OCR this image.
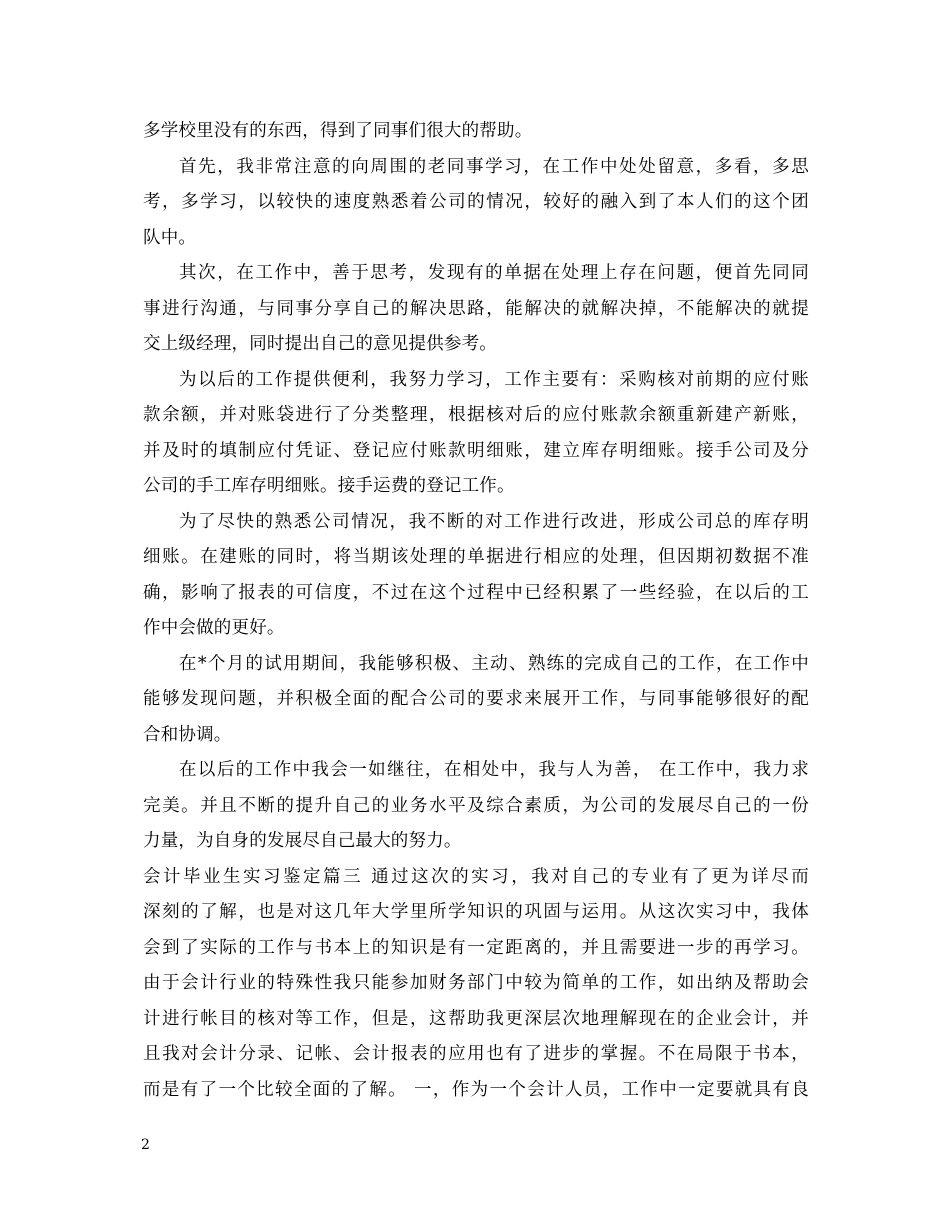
多学校里没有的东西，得到了同事们很大的帮助。
首先，我非常注意的向周围的老同事学习，在工作中处处留意，多看，多思
考，多学习，以较快的速度熟悉着公司的情况，较好的融入到了本人们的这个团
队中。
其次，在工作中，善于思考，发现有的单据在处理上存在问题，便首先同同
事进行沟通，与同事分享自己的解决思路，能解决的就解决掉，不能解决的就提
交上级经理，同时提出自己的意见提供参考。
为以后的工作提供便利，我努力学习，工作主要有：采购核对前期的应付账
款余额，并对账袋进行了分类整理，根据核对后的应付账款余额重新建产新账，
并及时的填制应付凭证、登记应付账款明细账，建立库存明细账。接手公司及分
公司的手工库存明细账。接手运费的登记工作。
为了尽快的熟悉公司情况，我不断的对工作进行改进，形成公司总的库存明
细账。在建账的同时，将当期该处理的单据进行相应的处理，但因期初数据不准
确，影响了报表的可信度，不过在这个过程中已经积累了一些经验，在以后的工
作中会做的更好。
在*个月的试用期间，我能够积极、主动、熟练的完成自己的工作，在工作中
能够发现问题，并积极全面的配合公司的要求来展开工作，与同事能够很好的配
合和协调。
在以后的工作中我会一如继往，在相处中，我与人为善， 在工作中，我力求
完美。并且不断的提升自己的业务水平及综合素质，为公司的发展尽自己的一份
力量，为自身的发展尽自己最大的努力。
会计毕业生实习鉴定篇三 通过这次的实习，我对自己的专业有了更为详尽而
深刻的了解，也是对这几年大学里所学知识的巩固与运用。从这次实习中，我体
会到了实际的工作与书本上的知识是有一定距离的，并且需要进一步的再学习。
由于会计行业的特殊性我只能参加财务部门中较为简单的工作，如出纳及帮助会
计进行帐目的核对等工作，但是，这帮助我更深层次地理解现在的企业会计，并
且我对会计分录、记帐、会计报表的应用也有了进步的掌握。不在局限于书本，
而是有了一个比较全面的了解。 一，作为一个会计人员，工作中一定要就具有良
2
